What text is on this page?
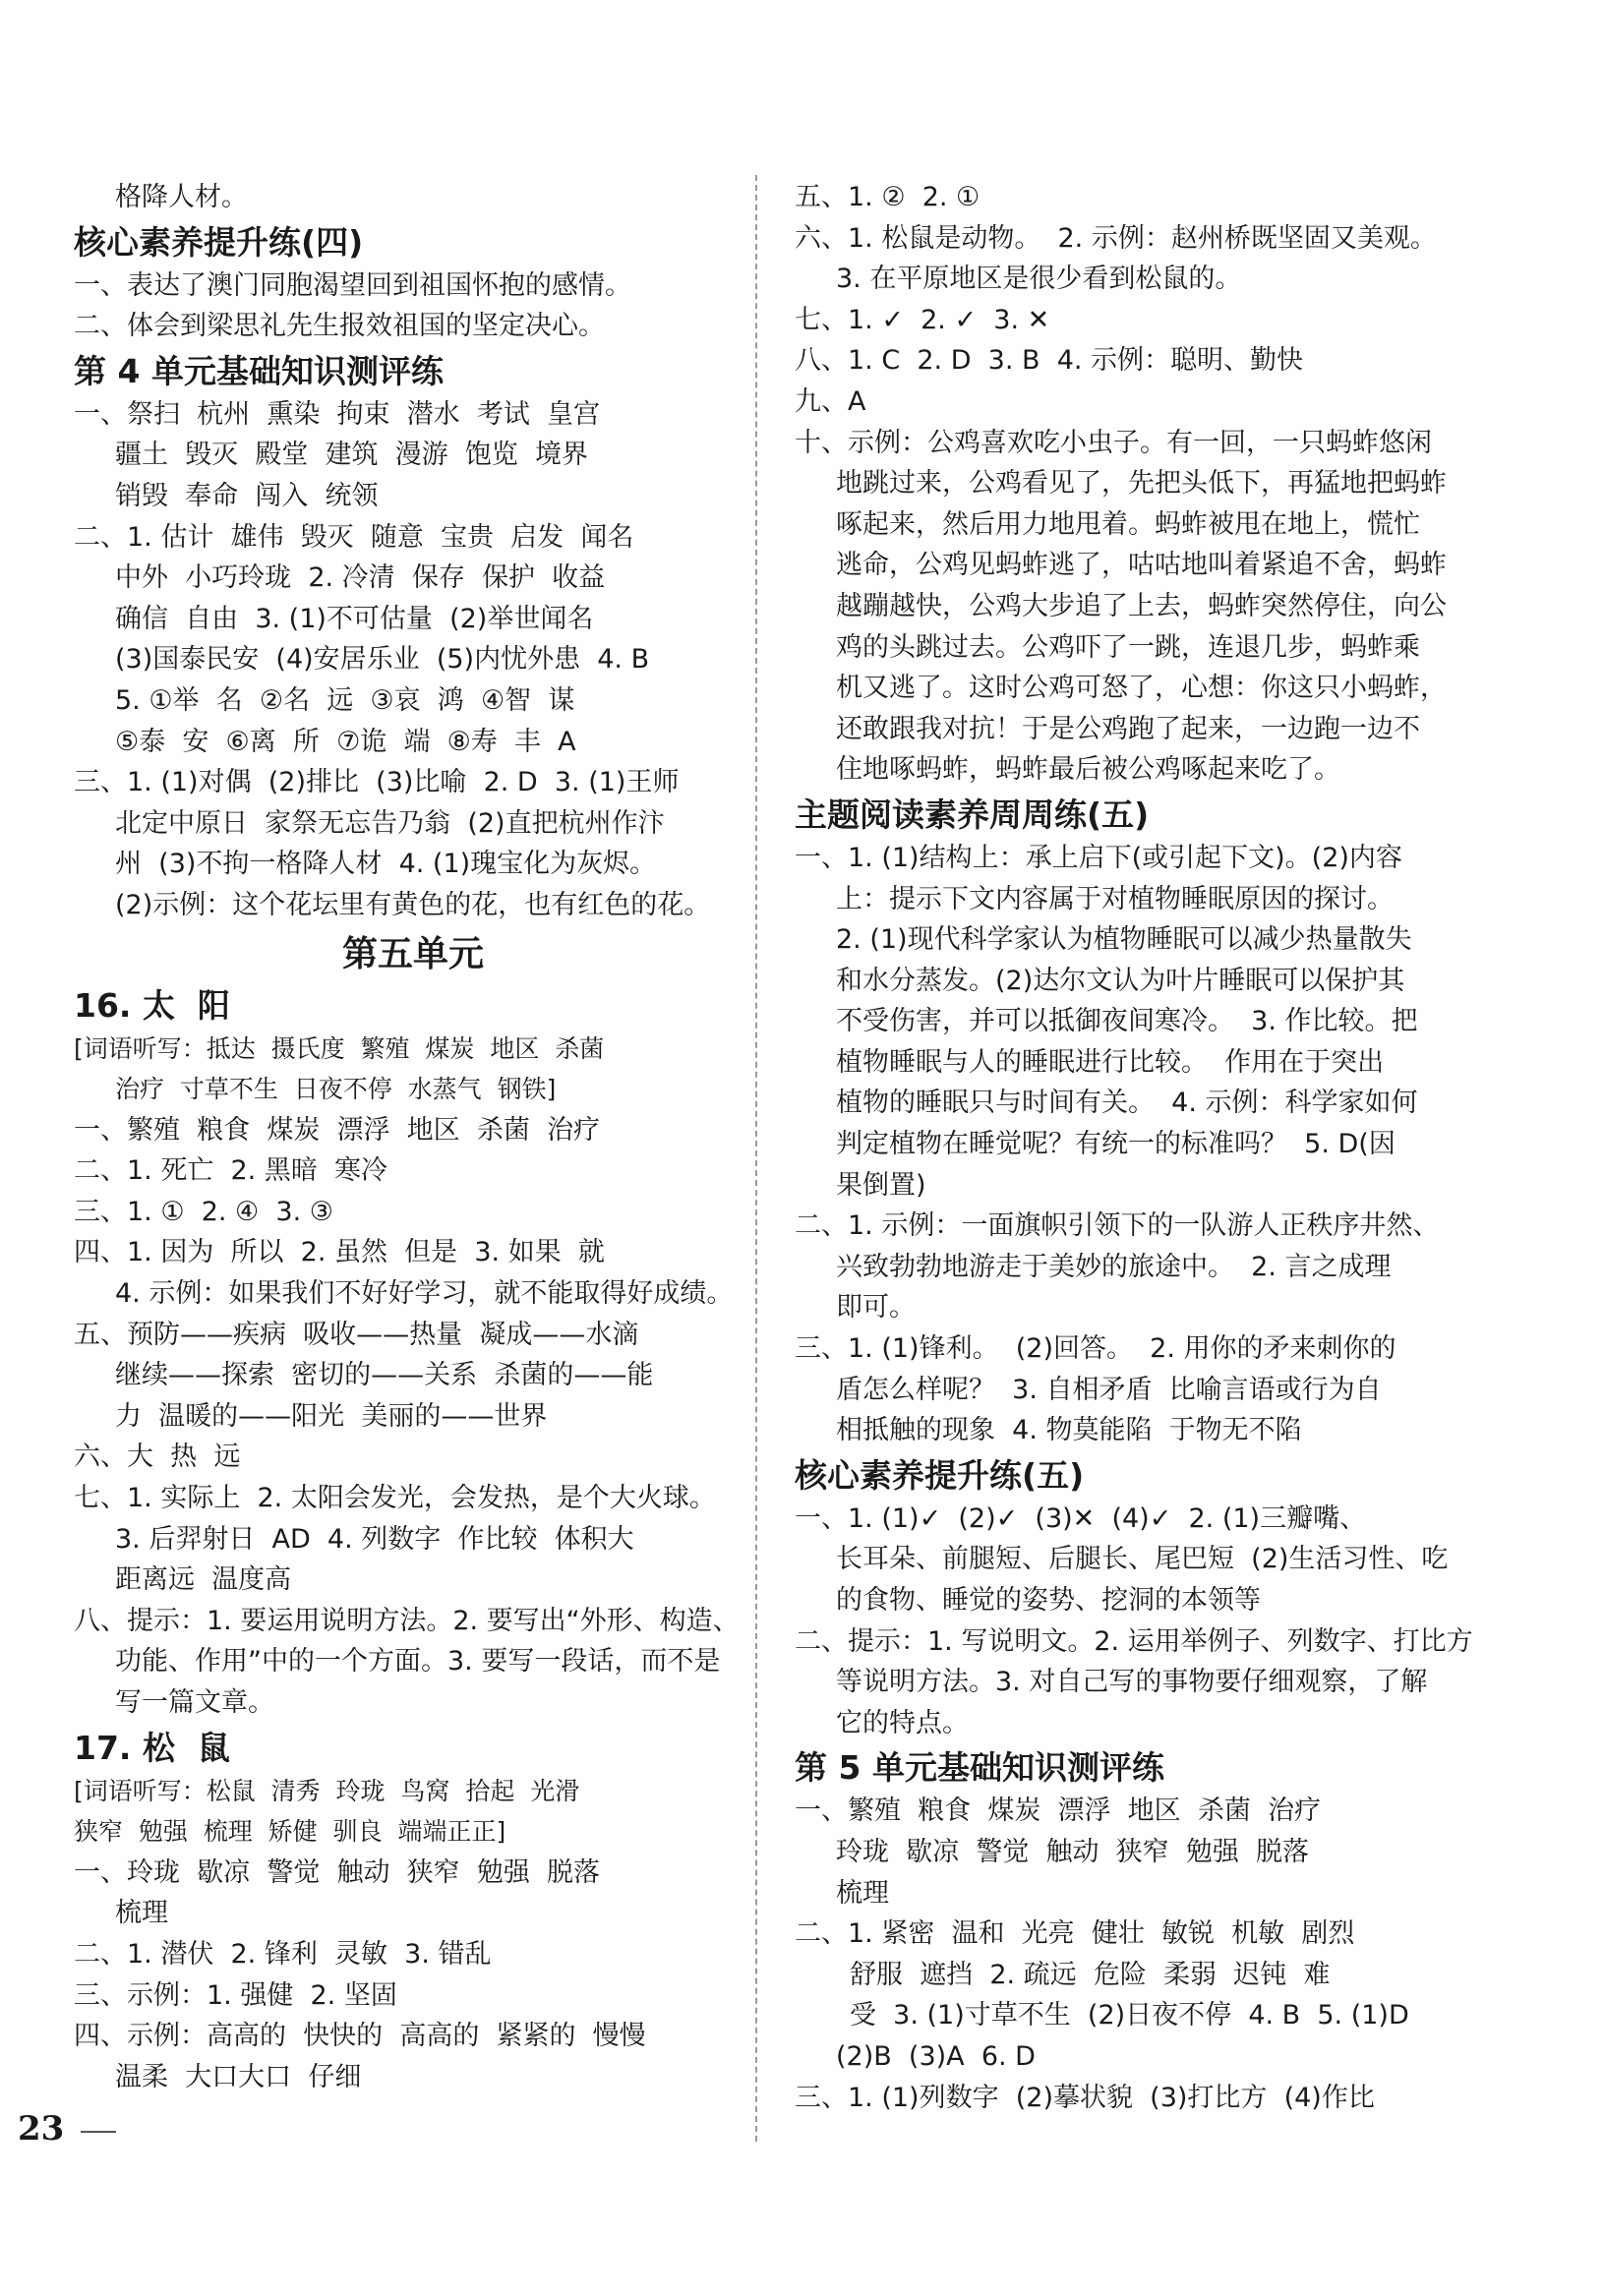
格降人材。
核心素养提升练(四)
一、表达了澳门同胞渴望回到祖国怀抱的感情。
二、体会到梁思礼先生报效祖国的坚定决心。
第 4 单元基础知识测评练
一、祭扫  杭州  熏染  拘束  潜水  考试  皇宫
疆土  毁灭  殿堂  建筑  漫游  饱览  境界
销毁  奉命  闯入  统领
二、1. 估计  雄伟  毁灭  随意  宝贵  启发  闻名
中外  小巧玲珑  2. 冷清  保存  保护  收益
确信  自由  3. (1)不可估量  (2)举世闻名
(3)国泰民安  (4)安居乐业  (5)内忧外患  4. B
5. ①举  名  ②名  远  ③哀  鸿  ④智  谋
⑤泰  安  ⑥离  所  ⑦诡  端  ⑧寿  丰  A
三、1. (1)对偶  (2)排比  (3)比喻  2. D  3. (1)王师
北定中原日  家祭无忘告乃翁  (2)直把杭州作汴
州  (3)不拘一格降人材  4. (1)瑰宝化为灰烬。
(2)示例：这个花坛里有黄色的花，也有红色的花。
第五单元
16. 太  阳
[词语听写：抵达  摄氏度  繁殖  煤炭  地区  杀菌
治疗  寸草不生  日夜不停  水蒸气  钢铁]
一、繁殖  粮食  煤炭  漂浮  地区  杀菌  治疗
二、1. 死亡  2. 黑暗  寒冷
三、1. ①  2. ④  3. ③
四、1. 因为  所以  2. 虽然  但是  3. 如果  就
4. 示例：如果我们不好好学习，就不能取得好成绩。
五、预防——疾病  吸收——热量  凝成——水滴
继续——探索  密切的——关系  杀菌的——能
力  温暖的——阳光  美丽的——世界
六、大  热  远
七、1. 实际上  2. 太阳会发光，会发热，是个大火球。
3. 后羿射日  AD  4. 列数字  作比较  体积大
距离远  温度高
八、提示：1. 要运用说明方法。2. 要写出“外形、构造、
功能、作用”中的一个方面。3. 要写一段话，而不是
写一篇文章。
17. 松  鼠
[词语听写：松鼠  清秀  玲珑  鸟窝  拾起  光滑
狭窄  勉强  梳理  矫健  驯良  端端正正]
一、玲珑  歇凉  警觉  触动  狭窄  勉强  脱落
梳理
二、1. 潜伏  2. 锋利  灵敏  3. 错乱
三、示例：1. 强健  2. 坚固
四、示例：高高的  快快的  高高的  紧紧的  慢慢
温柔  大口大口  仔细
五、1. ②  2. ①
六、1. 松鼠是动物。  2. 示例：赵州桥既坚固又美观。
3. 在平原地区是很少看到松鼠的。
七、1. ✓  2. ✓  3. ✕
八、1. C  2. D  3. B  4. 示例：聪明、勤快
九、A
十、示例：公鸡喜欢吃小虫子。有一回，一只蚂蚱悠闲
地跳过来，公鸡看见了，先把头低下，再猛地把蚂蚱
啄起来，然后用力地甩着。蚂蚱被甩在地上，慌忙
逃命，公鸡见蚂蚱逃了，咕咕地叫着紧追不舍，蚂蚱
越蹦越快，公鸡大步追了上去，蚂蚱突然停住，向公
鸡的头跳过去。公鸡吓了一跳，连退几步，蚂蚱乘
机又逃了。这时公鸡可怒了，心想：你这只小蚂蚱，
还敢跟我对抗！于是公鸡跑了起来，一边跑一边不
住地啄蚂蚱，蚂蚱最后被公鸡啄起来吃了。
主题阅读素养周周练(五)
一、1. (1)结构上：承上启下(或引起下文)。(2)内容
上：提示下文内容属于对植物睡眠原因的探讨。
2. (1)现代科学家认为植物睡眠可以减少热量散失
和水分蒸发。(2)达尔文认为叶片睡眠可以保护其
不受伤害，并可以抵御夜间寒冷。  3. 作比较。把
植物睡眠与人的睡眠进行比较。  作用在于突出
植物的睡眠只与时间有关。  4. 示例：科学家如何
判定植物在睡觉呢？有统一的标准吗？  5. D(因
果倒置)
二、1. 示例：一面旗帜引领下的一队游人正秩序井然、
兴致勃勃地游走于美妙的旅途中。  2. 言之成理
即可。
三、1. (1)锋利。  (2)回答。  2. 用你的矛来刺你的
盾怎么样呢？  3. 自相矛盾  比喻言语或行为自
相抵触的现象  4. 物莫能陷  于物无不陷
核心素养提升练(五)
一、1. (1)✓  (2)✓  (3)✕  (4)✓  2. (1)三瓣嘴、
长耳朵、前腿短、后腿长、尾巴短  (2)生活习性、吃
的食物、睡觉的姿势、挖洞的本领等
二、提示：1. 写说明文。2. 运用举例子、列数字、打比方
等说明方法。3. 对自己写的事物要仔细观察，了解
它的特点。
第 5 单元基础知识测评练
一、繁殖  粮食  煤炭  漂浮  地区  杀菌  治疗
玲珑  歇凉  警觉  触动  狭窄  勉强  脱落
梳理
二、1. 紧密  温和  光亮  健壮  敏锐  机敏  剧烈
舒服  遮挡  2. 疏远  危险  柔弱  迟钝  难
受  3. (1)寸草不生  (2)日夜不停  4. B  5. (1)D
(2)B  (3)A  6. D
三、1. (1)列数字  (2)摹状貌  (3)打比方  (4)作比
23
